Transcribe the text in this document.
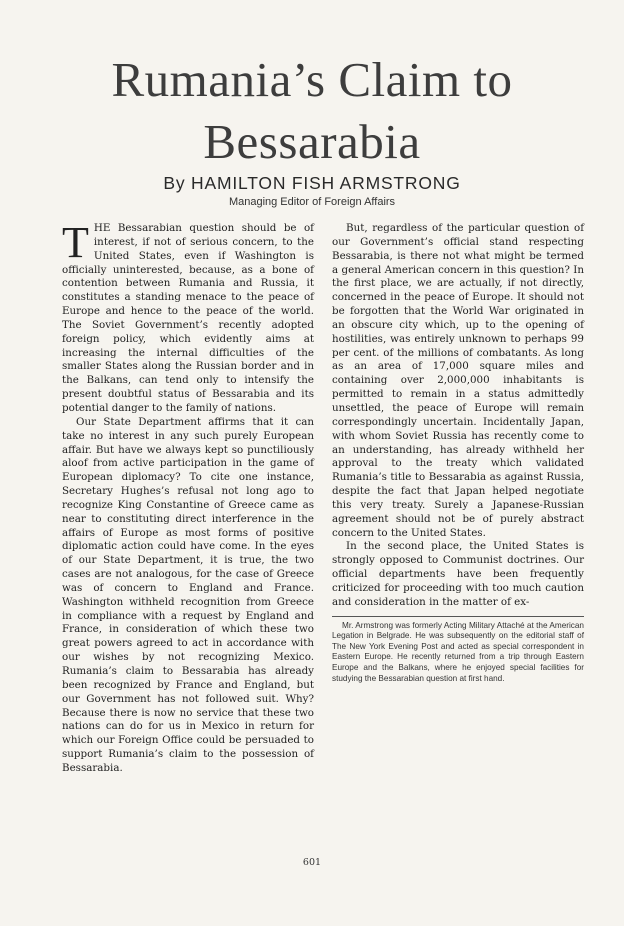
Rumania’s Claim to
Bessarabia
By HAMILTON FISH ARMSTRONG
Managing Editor of Foreign Affairs

THE Bessarabian question should be of interest, if not of serious concern, to the United States, even if Washington is officially uninterested, because, as a bone of contention between Rumania and Russia, it constitutes a standing menace to the peace of Europe and hence to the peace of the world. The Soviet Government’s recently adopted foreign policy, which evidently aims at increasing the internal difficulties of the smaller States along the Russian border and in the Balkans, can tend only to intensify the present doubtful status of Bessarabia and its potential danger to the family of nations.

Our State Department affirms that it can take no interest in any such purely European affair. But have we always kept so punctiliously aloof from active participation in the game of European diplomacy? To cite one instance, Secretary Hughes’s refusal not long ago to recognize King Constantine of Greece came as near to constituting direct interference in the affairs of Europe as most forms of positive diplomatic action could have come. In the eyes of our State Department, it is true, the two cases are not analogous, for the case of Greece was of concern to England and France. Washington withheld recognition from Greece in compliance with a request by England and France, in consideration of which these two great powers agreed to act in accordance with our wishes by not recognizing Mexico. Rumania’s claim to Bessarabia has already been recognized by France and England, but our Government has not followed suit. Why? Because there is now no service that these two nations can do for us in Mexico in return for which our Foreign Office could be persuaded to support Rumania’s claim to the possession of Bessarabia.

But, regardless of the particular question of our Government’s official stand respecting Bessarabia, is there not what might be termed a general American concern in this question? In the first place, we are actually, if not directly, concerned in the peace of Europe. It should not be forgotten that the World War originated in an obscure city which, up to the opening of hostilities, was entirely unknown to perhaps 99 per cent. of the millions of combatants. As long as an area of 17,000 square miles and containing over 2,000,000 inhabitants is permitted to remain in a status admittedly unsettled, the peace of Europe will remain correspondingly uncertain. Incidentally Japan, with whom Soviet Russia has recently come to an understanding, has already withheld her approval to the treaty which validated Rumania’s title to Bessarabia as against Russia, despite the fact that Japan helped negotiate this very treaty. Surely a Japanese-Russian agreement should not be of purely abstract concern to the United States.

In the second place, the United States is strongly opposed to Communist doctrines. Our official departments have been frequently criticized for proceeding with too much caution and consideration in the matter of ex-

Mr. Armstrong was formerly Acting Military Attaché at the American Legation in Belgrade. He was subsequently on the editorial staff of The New York Evening Post and acted as special correspondent in Eastern Europe. He recently returned from a trip through Eastern Europe and the Balkans, where he enjoyed special facilities for studying the Bessarabian question at first hand.
601
